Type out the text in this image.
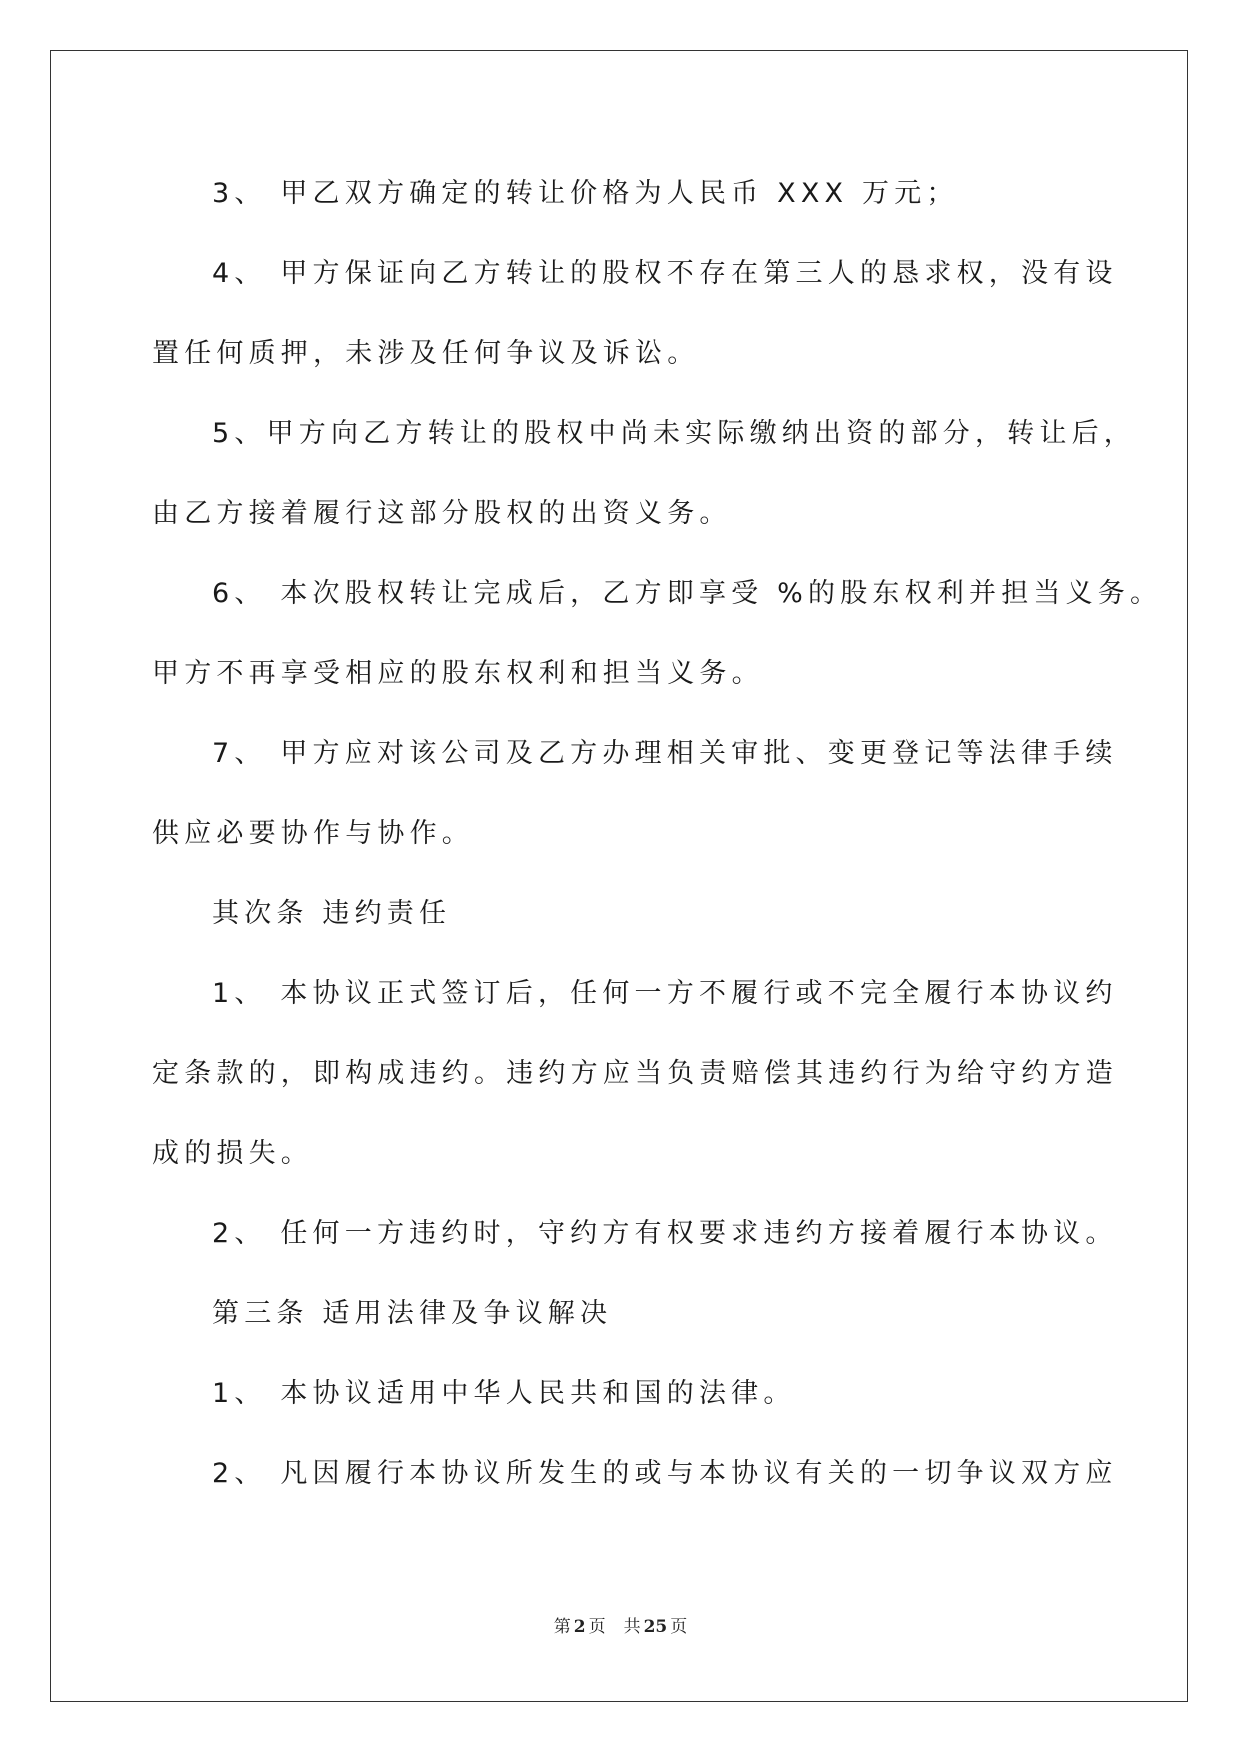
3、 甲乙双方确定的转让价格为人民币 XXX 万元；
4、 甲方保证向乙方转让的股权不存在第三人的恳求权，没有设
置任何质押，未涉及任何争议及诉讼。
5、甲方向乙方转让的股权中尚未实际缴纳出资的部分，转让后，
由乙方接着履行这部分股权的出资义务。
6、 本次股权转让完成后，乙方即享受 %的股东权利并担当义务。
甲方不再享受相应的股东权利和担当义务。
7、 甲方应对该公司及乙方办理相关审批、变更登记等法律手续
供应必要协作与协作。
其次条 违约责任
1、 本协议正式签订后，任何一方不履行或不完全履行本协议约
定条款的，即构成违约。违约方应当负责赔偿其违约行为给守约方造
成的损失。
2、 任何一方违约时，守约方有权要求违约方接着履行本协议。
第三条 适用法律及争议解决
1、 本协议适用中华人民共和国的法律。
2、 凡因履行本协议所发生的或与本协议有关的一切争议双方应
第 2 页 共 25 页
